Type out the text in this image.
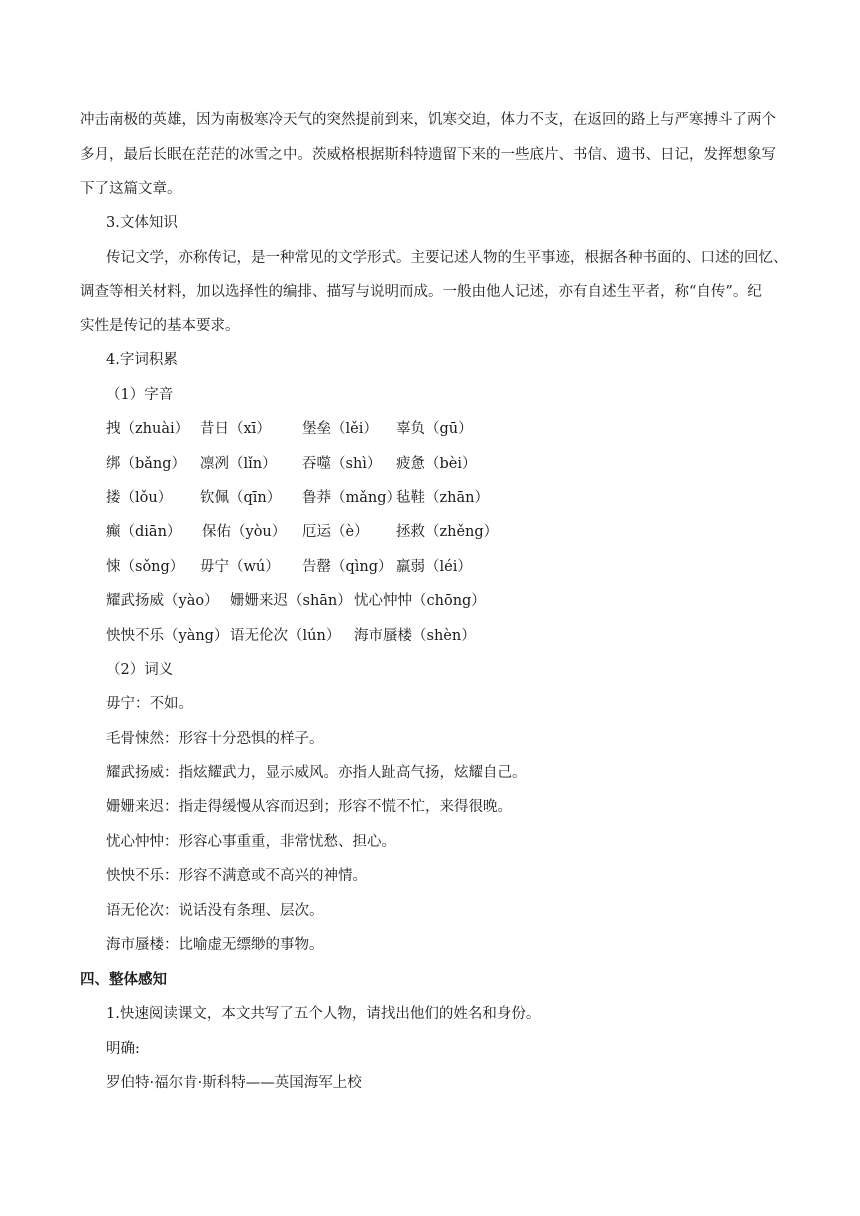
冲击南极的英雄，因为南极寒冷天气的突然提前到来，饥寒交迫，体力不支，在返回的路上与严寒搏斗了两个
多月，最后长眠在茫茫的冰雪之中。茨威格根据斯科特遗留下来的一些底片、书信、遗书、日记，发挥想象写
下了这篇文章。
3.文体知识
传记文学，亦称传记，是一种常见的文学形式。主要记述人物的生平事迹，根据各种书面的、口述的回忆、
调查等相关材料，加以选择性的编排、描写与说明而成。一般由他人记述，亦有自述生平者，称“自传”。纪
实性是传记的基本要求。
4.字词积累
（1）字音
拽（zhuài） 昔日（xī） 堡垒（lěi） 辜负（gū）
绑（bǎng） 凛冽（lǐn） 吞噬（shì） 疲惫（bèi）
搂（lǒu） 钦佩（qīn） 鲁莽（mǎng）
毡鞋（zhān）
癫（diān） 保佑（yòu） 厄运（è） 拯救（zhěng）
悚（sǒng） 毋宁（wú） 告罄（qìng） 羸弱（léi）
耀武扬威（yào） 姗姗来迟（shān） 忧心忡忡（chōng）
怏怏不乐（yàng） 语无伦次（lún） 海市蜃楼（shèn）
（2）词义
毋宁：不如。
毛骨悚然：形容十分恐惧的样子。
耀武扬威：指炫耀武力，显示威风。亦指人趾高气扬，炫耀自己。
姗姗来迟：指走得缓慢从容而迟到；形容不慌不忙，来得很晚。
忧心忡忡：形容心事重重，非常忧愁、担心。
怏怏不乐：形容不满意或不高兴的神情。
语无伦次：说话没有条理、层次。
海市蜃楼：比喻虚无缥缈的事物。
四、整体感知
1.快速阅读课文，本文共写了五个人物，请找出他们的姓名和身份。
明确:
罗伯特·福尔肯·斯科特——英国海军上校
